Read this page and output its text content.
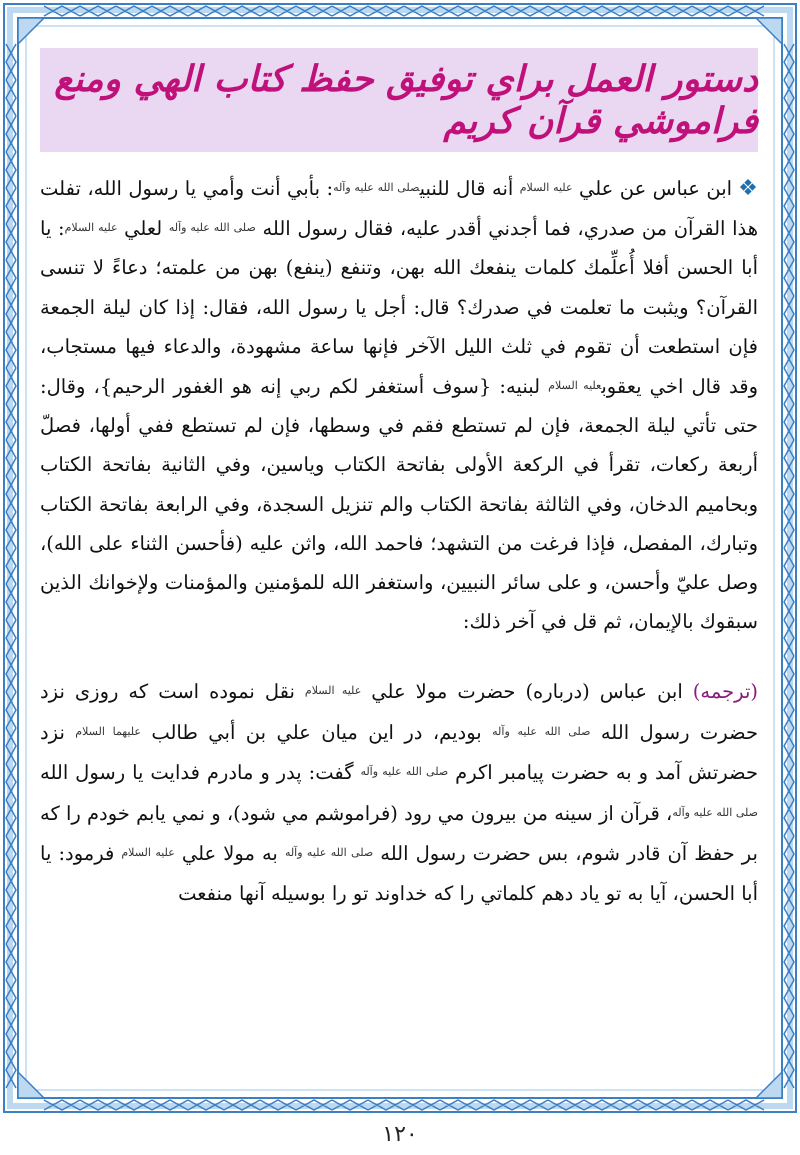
دستور العمل براي توفيق حفظ كتاب الهي ومنع فراموشي قرآن كريم

❖ابن عباس عن علي $^{عليه السلام}$ أنه قال للنبي$^{صلى الله عليه وآله}$: بأبي أنت وأمي يا رسول الله، تفلت هذا القرآن من صدري، فما أجدني أقدر عليه، فقال رسول الله $^{صلى الله عليه وآله}$ لعلي $^{عليه السلام}$: يا أبا الحسن أفلا أُعلِّمك كلمات ينفعك الله بهن، وتنفع (ينفع) بهن من علمته؛ دعاءً لا تنسى القرآن؟ ويثبت ما تعلمت في صدرك؟ قال: أجل يا رسول الله، فقال: إذا كان ليلة الجمعة فإن استطعت أن تقوم في ثلث الليل الآخر فإنها ساعة مشهودة، والدعاء فيها مستجاب، وقد قال اخي يعقوب$^{عليه السلام}$ لبنيه: {سوف أستغفر لكم ربي إنه هو الغفور الرحيم}، وقال: حتى تأتي ليلة الجمعة، فإن لم تستطع فقم في وسطها، فإن لم تستطع ففي أولها، فصلّ أربعة ركعات، تقرأ في الركعة الأولى بفاتحة الكتاب وياسين، وفي الثانية بفاتحة الكتاب وبحاميم الدخان، وفي الثالثة بفاتحة الكتاب والم تنزيل السجدة، وفي الرابعة بفاتحة الكتاب وتبارك، المفصل، فإذا فرغت من التشهد؛ فاحمد الله، واثن عليه (فأحسن الثناء على الله)، وصل عليّ وأحسن، و على سائر النبيين، واستغفر الله للمؤمنين والمؤمنات ولإخوانك الذين سبقوك بالإيمان، ثم قل في آخر ذلك:

(ترجمه) ابن عباس (درباره) حضرت مولا علي $^{عليه السلام}$ نقل نموده است كه روزى نزد حضرت رسول الله $^{صلى الله عليه وآله}$ بوديم، در اين ميان علي بن أبي طالب $^{عليهما السلام}$ نزد حضرتش آمد و به حضرت پيامبر اكرم $^{صلى الله عليه وآله}$ گفت: پدر و مادرم فدايت يا رسول الله $^{صلى الله عليه وآله}$، قرآن از سينه من بيرون مي رود (فراموشم مي شود)، و نمي يابم خودم را كه بر حفظ آن قادر شوم، بس حضرت رسول الله $^{صلى الله عليه وآله}$ به مولا علي $^{عليه السلام}$ فرمود: يا أبا الحسن، آيا به تو ياد دهم كلماتي را كه خداوند تو را بوسيله آنها منفعت

١٢٠
